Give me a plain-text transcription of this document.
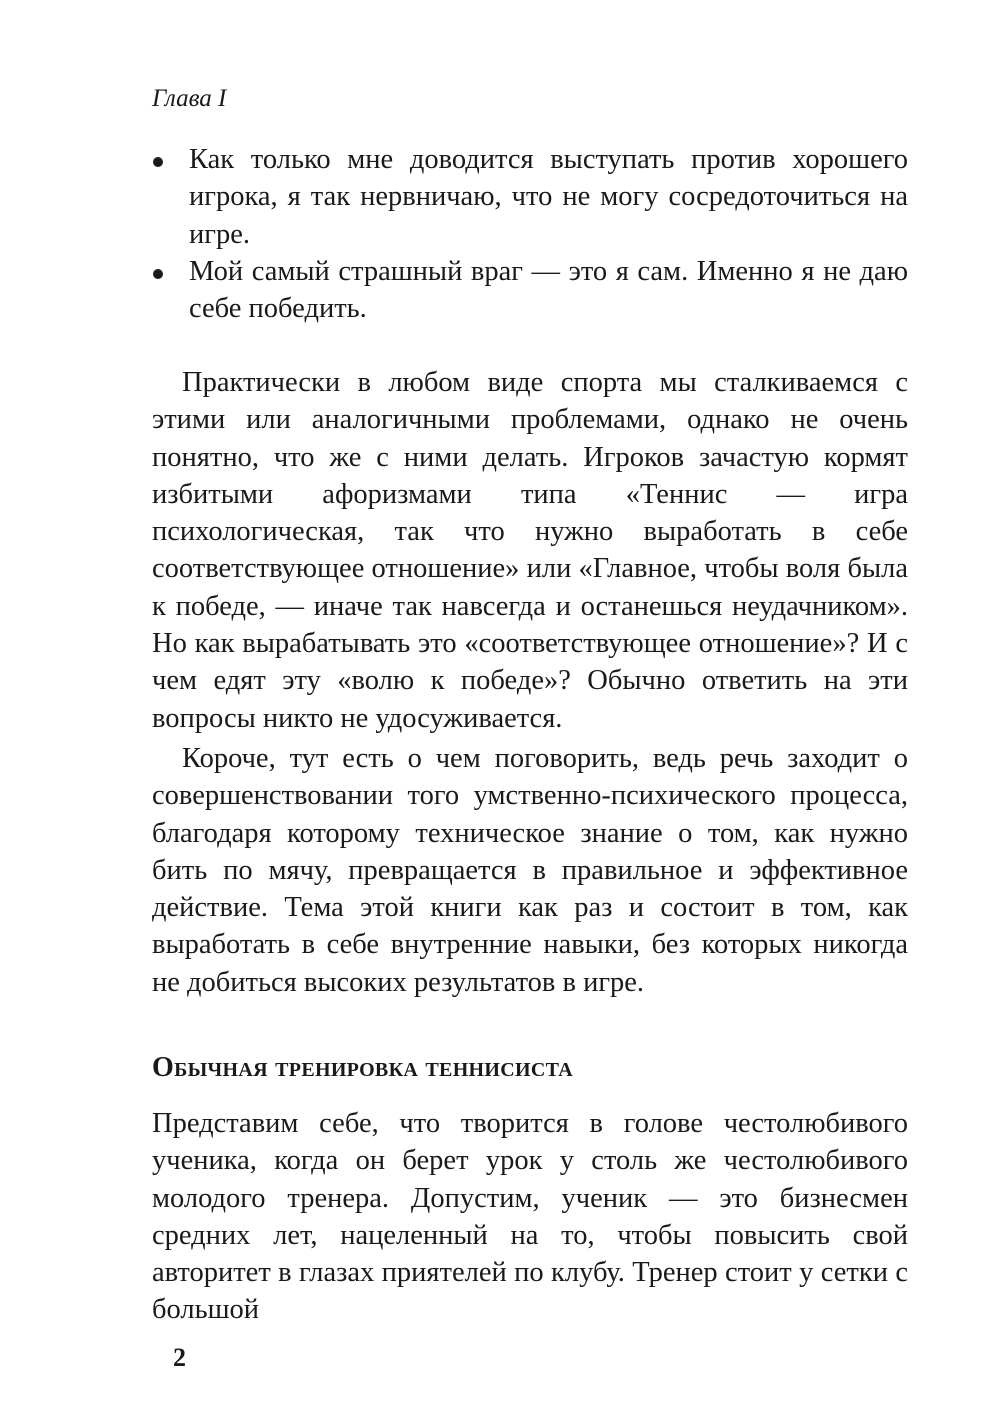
Глава I
Как только мне доводится выступать против хорошего игрока, я так нервничаю, что не могу сосредоточиться на игре.
Мой самый страшный враг — это я сам. Именно я не даю себе победить.

Практически в любом виде спорта мы сталкиваемся с этими или аналогичными проблемами, однако не очень понятно, что же с ними делать. Игроков зачастую кормят избитыми афоризмами типа «Теннис — игра психологическая, так что нужно выработать в себе соответствующее отношение» или «Главное, чтобы воля была к победе, — иначе так навсегда и останешься неудачником». Но как вырабатывать это «соответствующее отношение»? И с чем едят эту «волю к победе»? Обычно ответить на эти вопросы никто не удосуживается.

Короче, тут есть о чем поговорить, ведь речь заходит о совершенствовании того умственно-психического процесса, благодаря которому техническое знание о том, как нужно бить по мячу, превращается в правильное и эффективное действие. Тема этой книги как раз и состоит в том, как выработать в себе внутренние навыки, без которых никогда не добиться высоких результатов в игре.

Обычная тренировка теннисиста

Представим себе, что творится в голове честолюбивого ученика, когда он берет урок у столь же честолюбивого молодого тренера. Допустим, ученик — это бизнесмен средних лет, нацеленный на то, чтобы повысить свой авторитет в глазах приятелей по клубу. Тренер стоит у сетки с большой

2
